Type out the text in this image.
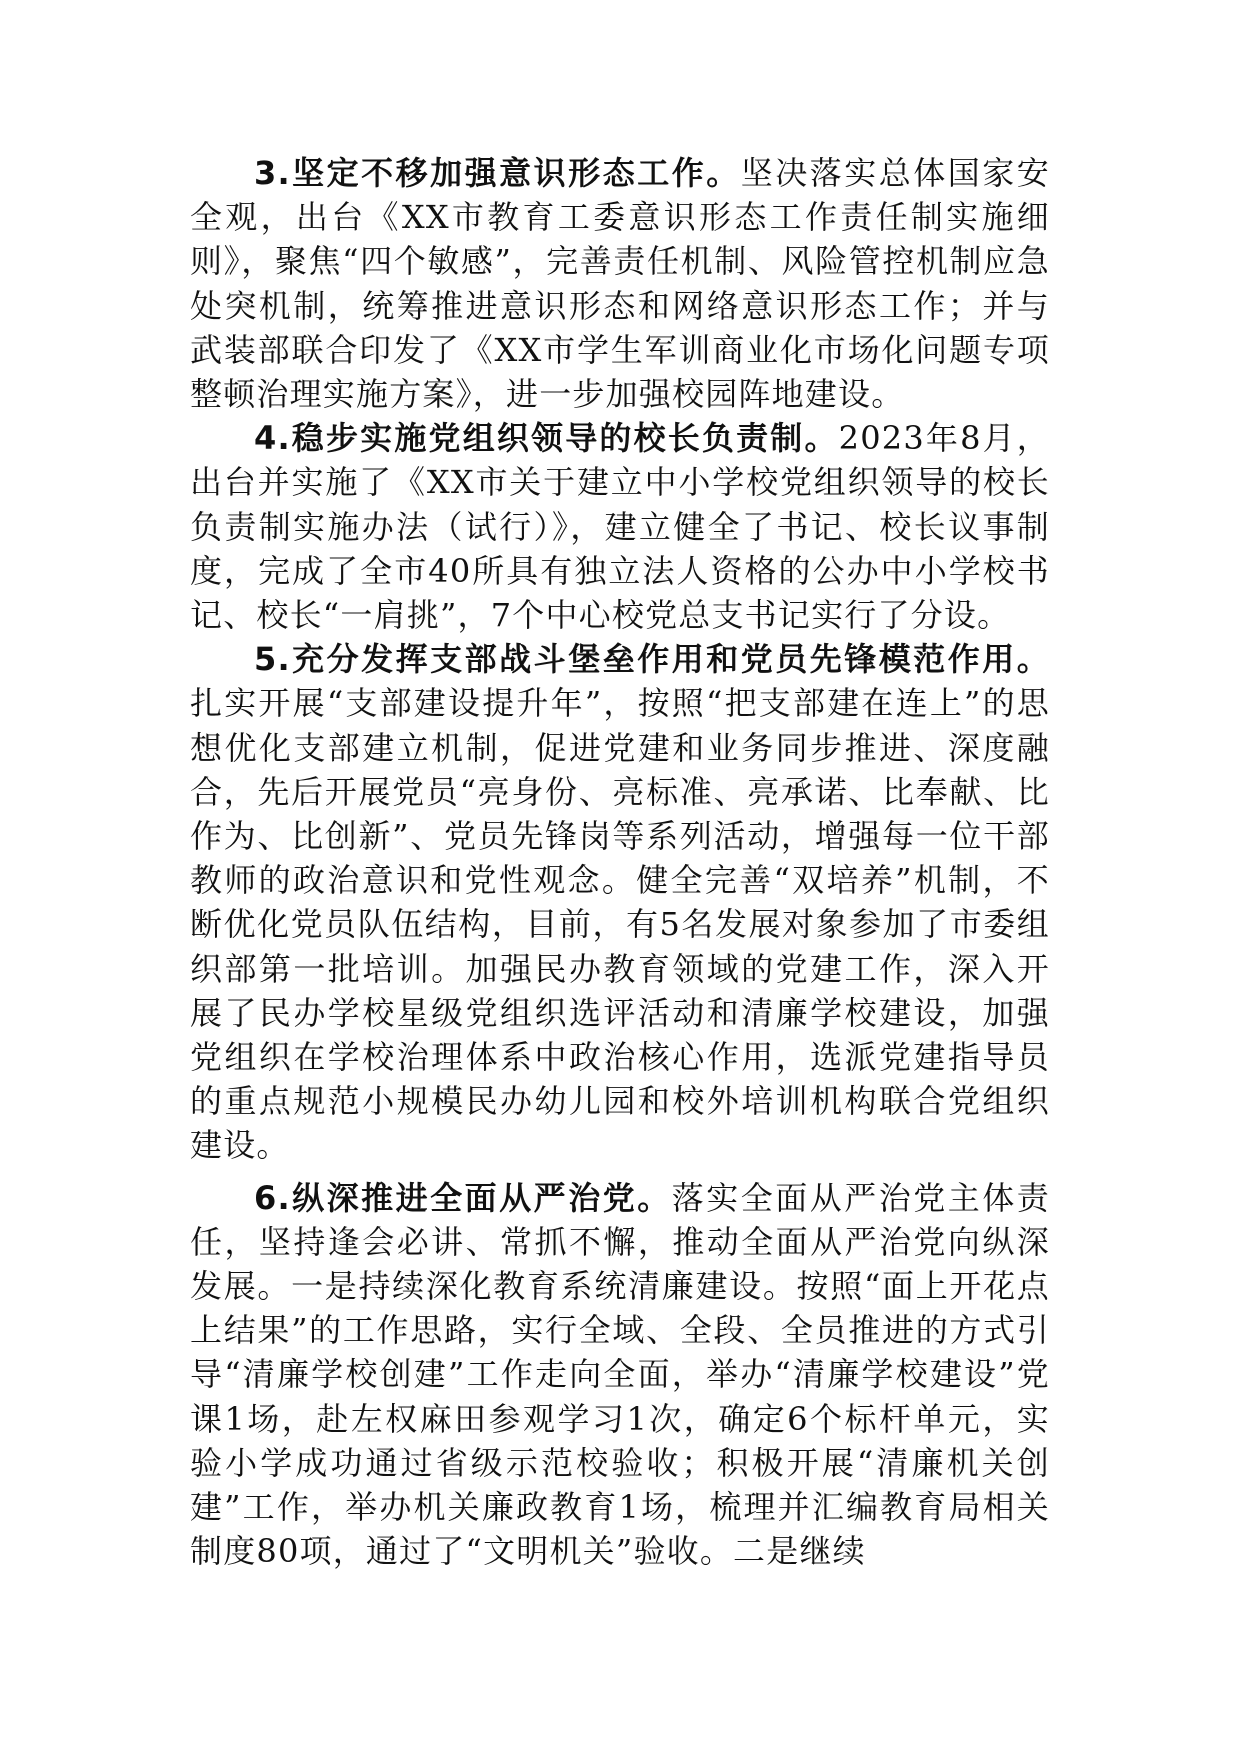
3.坚定不移加强意识形态工作。坚决落实总体国家安全观，出台《XX市教育工委意识形态工作责任制实施细则》，聚焦“四个敏感”，完善责任机制、风险管控机制应急处突机制，统筹推进意识形态和网络意识形态工作；并与武装部联合印发了《XX市学生军训商业化市场化问题专项整顿治理实施方案》，进一步加强校园阵地建设。

4.稳步实施党组织领导的校长负责制。2023年8月，出台并实施了《XX市关于建立中小学校党组织领导的校长负责制实施办法（试行）》，建立健全了书记、校长议事制度，完成了全市40所具有独立法人资格的公办中小学校书记、校长“一肩挑”，7个中心校党总支书记实行了分设。

5.充分发挥支部战斗堡垒作用和党员先锋模范作用。扎实开展“支部建设提升年”，按照“把支部建在连上”的思想优化支部建立机制，促进党建和业务同步推进、深度融合，先后开展党员“亮身份、亮标准、亮承诺、比奉献、比作为、比创新”、党员先锋岗等系列活动，增强每一位干部教师的政治意识和党性观念。健全完善“双培养”机制，不断优化党员队伍结构，目前，有5名发展对象参加了市委组织部第一批培训。加强民办教育领域的党建工作，深入开展了民办学校星级党组织选评活动和清廉学校建设，加强党组织在学校治理体系中政治核心作用，选派党建指导员的重点规范小规模民办幼儿园和校外培训机构联合党组织建设。

6.纵深推进全面从严治党。落实全面从严治党主体责任，坚持逢会必讲、常抓不懈，推动全面从严治党向纵深发展。一是持续深化教育系统清廉建设。按照“面上开花点上结果”的工作思路，实行全域、全段、全员推进的方式引导“清廉学校创建”工作走向全面，举办“清廉学校建设”党课1场，赴左权麻田参观学习1次，确定6个标杆单元，实验小学成功通过省级示范校验收；积极开展“清廉机关创建”工作，举办机关廉政教育1场，梳理并汇编教育局相关制度80项，通过了“文明机关”验收。二是继续
